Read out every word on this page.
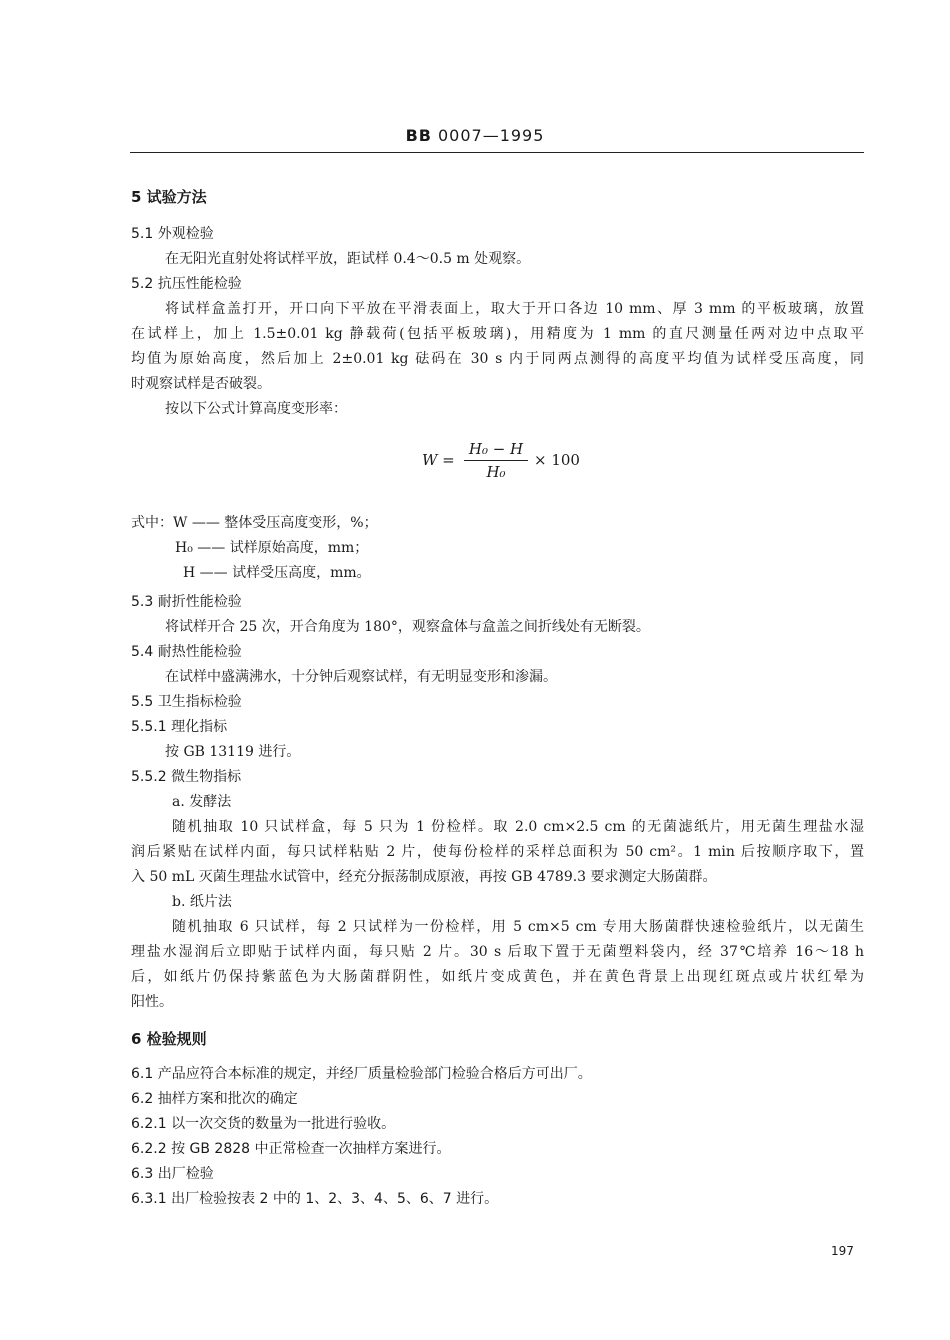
BB 0007—1995
5 试验方法
5.1 外观检验
在无阳光直射处将试样平放，距试样 0.4～0.5 m 处观察。
5.2 抗压性能检验
将试样盒盖打开，开口向下平放在平滑表面上，取大于开口各边 10 mm、厚 3 mm 的平板玻璃，放置
在试样上，加上 1.5±0.01 kg 静载荷(包括平板玻璃)，用精度为 1 mm 的直尺测量任两对边中点取平
均值为原始高度，然后加上 2±0.01 kg 砝码在 30 s 内于同两点测得的高度平均值为试样受压高度，同
时观察试样是否破裂。
按以下公式计算高度变形率：
W =
H₀ − H
H₀
× 100
式中：W —— 整体受压高度变形，%；
H₀ —— 试样原始高度，mm；
H —— 试样受压高度，mm。
5.3 耐折性能检验
将试样开合 25 次，开合角度为 180°，观察盒体与盒盖之间折线处有无断裂。
5.4 耐热性能检验
在试样中盛满沸水，十分钟后观察试样，有无明显变形和渗漏。
5.5 卫生指标检验
5.5.1 理化指标
按 GB 13119 进行。
5.5.2 微生物指标
a. 发酵法
随机抽取 10 只试样盒，每 5 只为 1 份检样。取 2.0 cm×2.5 cm 的无菌滤纸片，用无菌生理盐水湿
润后紧贴在试样内面，每只试样粘贴 2 片，使每份检样的采样总面积为 50 cm²。1 min 后按顺序取下，置
入 50 mL 灭菌生理盐水试管中，经充分振荡制成原液，再按 GB 4789.3 要求测定大肠菌群。
b. 纸片法
随机抽取 6 只试样，每 2 只试样为一份检样，用 5 cm×5 cm 专用大肠菌群快速检验纸片，以无菌生
理盐水湿润后立即贴于试样内面，每只贴 2 片。30 s 后取下置于无菌塑料袋内，经 37℃培养 16～18 h
后，如纸片仍保持紫蓝色为大肠菌群阴性，如纸片变成黄色，并在黄色背景上出现红斑点或片状红晕为
阳性。
6 检验规则
6.1 产品应符合本标准的规定，并经厂质量检验部门检验合格后方可出厂。
6.2 抽样方案和批次的确定
6.2.1 以一次交货的数量为一批进行验收。
6.2.2 按 GB 2828 中正常检查一次抽样方案进行。
6.3 出厂检验
6.3.1 出厂检验按表 2 中的 1、2、3、4、5、6、7 进行。
197
